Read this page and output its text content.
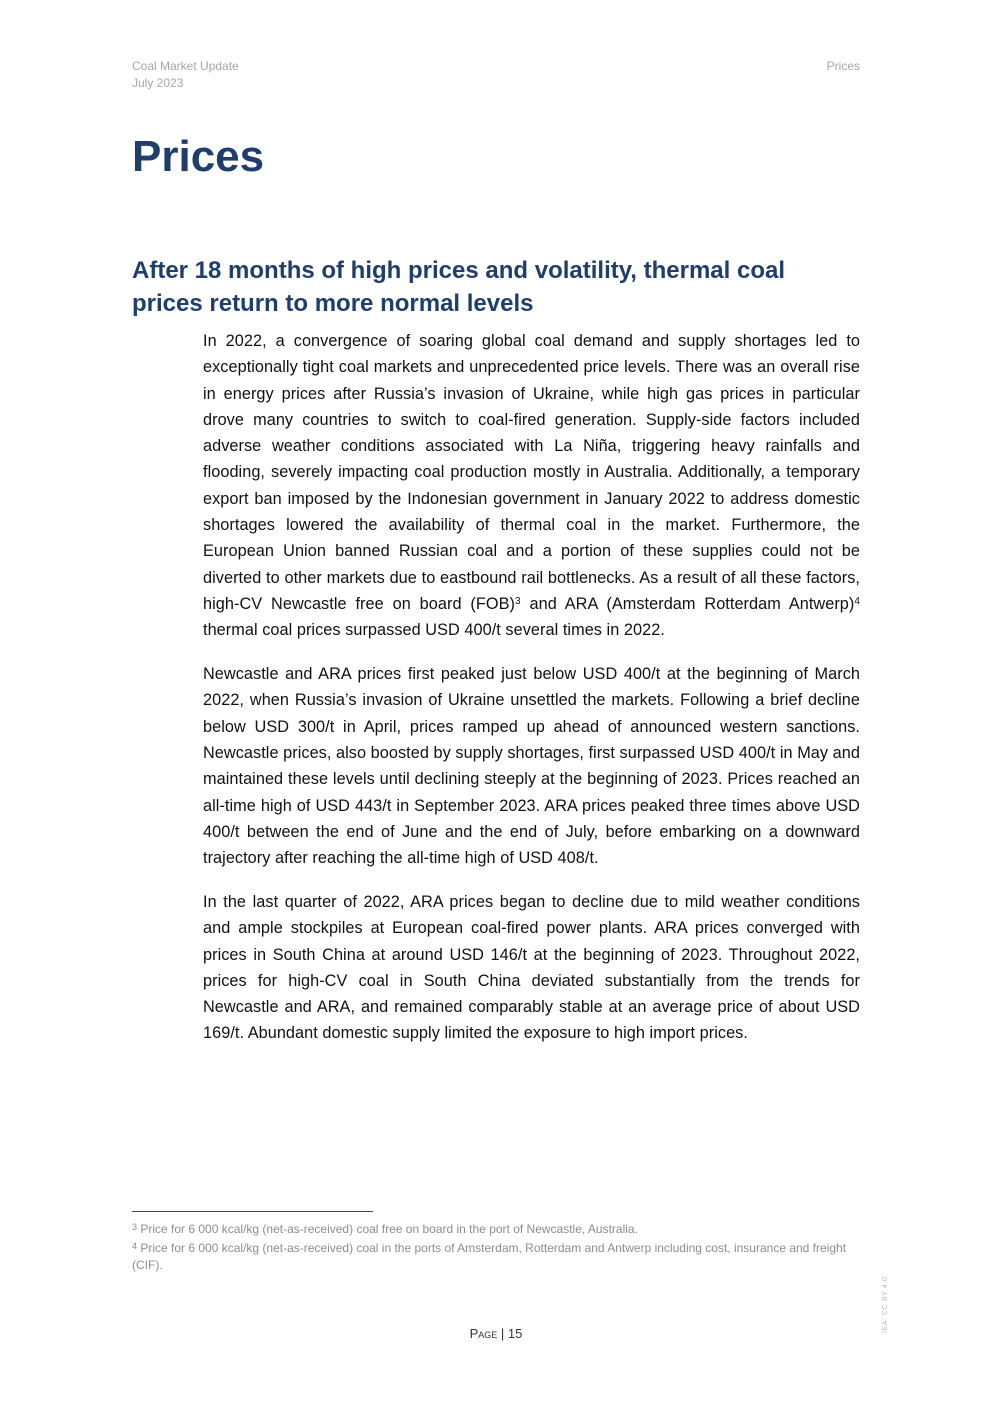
Coal Market Update
July 2023
Prices
Prices
After 18 months of high prices and volatility, thermal coal prices return to more normal levels

In 2022, a convergence of soaring global coal demand and supply shortages led to exceptionally tight coal markets and unprecedented price levels. There was an overall rise in energy prices after Russia’s invasion of Ukraine, while high gas prices in particular drove many countries to switch to coal-fired generation. Supply-side factors included adverse weather conditions associated with La Niña, triggering heavy rainfalls and flooding, severely impacting coal production mostly in Australia. Additionally, a temporary export ban imposed by the Indonesian government in January 2022 to address domestic shortages lowered the availability of thermal coal in the market. Furthermore, the European Union banned Russian coal and a portion of these supplies could not be diverted to other markets due to eastbound rail bottlenecks. As a result of all these factors, high-CV Newcastle free on board (FOB)$^3$ and ARA (Amsterdam Rotterdam Antwerp)$^4$ thermal coal prices surpassed USD 400/t several times in 2022.

Newcastle and ARA prices first peaked just below USD 400/t at the beginning of March 2022, when Russia’s invasion of Ukraine unsettled the markets. Following a brief decline below USD 300/t in April, prices ramped up ahead of announced western sanctions. Newcastle prices, also boosted by supply shortages, first surpassed USD 400/t in May and maintained these levels until declining steeply at the beginning of 2023. Prices reached an all-time high of USD 443/t in September 2023. ARA prices peaked three times above USD 400/t between the end of June and the end of July, before embarking on a downward trajectory after reaching the all-time high of USD 408/t.

In the last quarter of 2022, ARA prices began to decline due to mild weather conditions and ample stockpiles at European coal-fired power plants. ARA prices converged with prices in South China at around USD 146/t at the beginning of 2023. Throughout 2022, prices for high-CV coal in South China deviated substantially from the trends for Newcastle and ARA, and remained comparably stable at an average price of about USD 169/t. Abundant domestic supply limited the exposure to high import prices.

$^3$ Price for 6 000 kcal/kg (net-as-received) coal free on board in the port of Newcastle, Australia.

$^4$ Price for 6 000 kcal/kg (net-as-received) coal in the ports of Amsterdam, Rotterdam and Antwerp including cost, insurance and freight (CIF).

IEA. CC BY 4.0.
Page | 15
